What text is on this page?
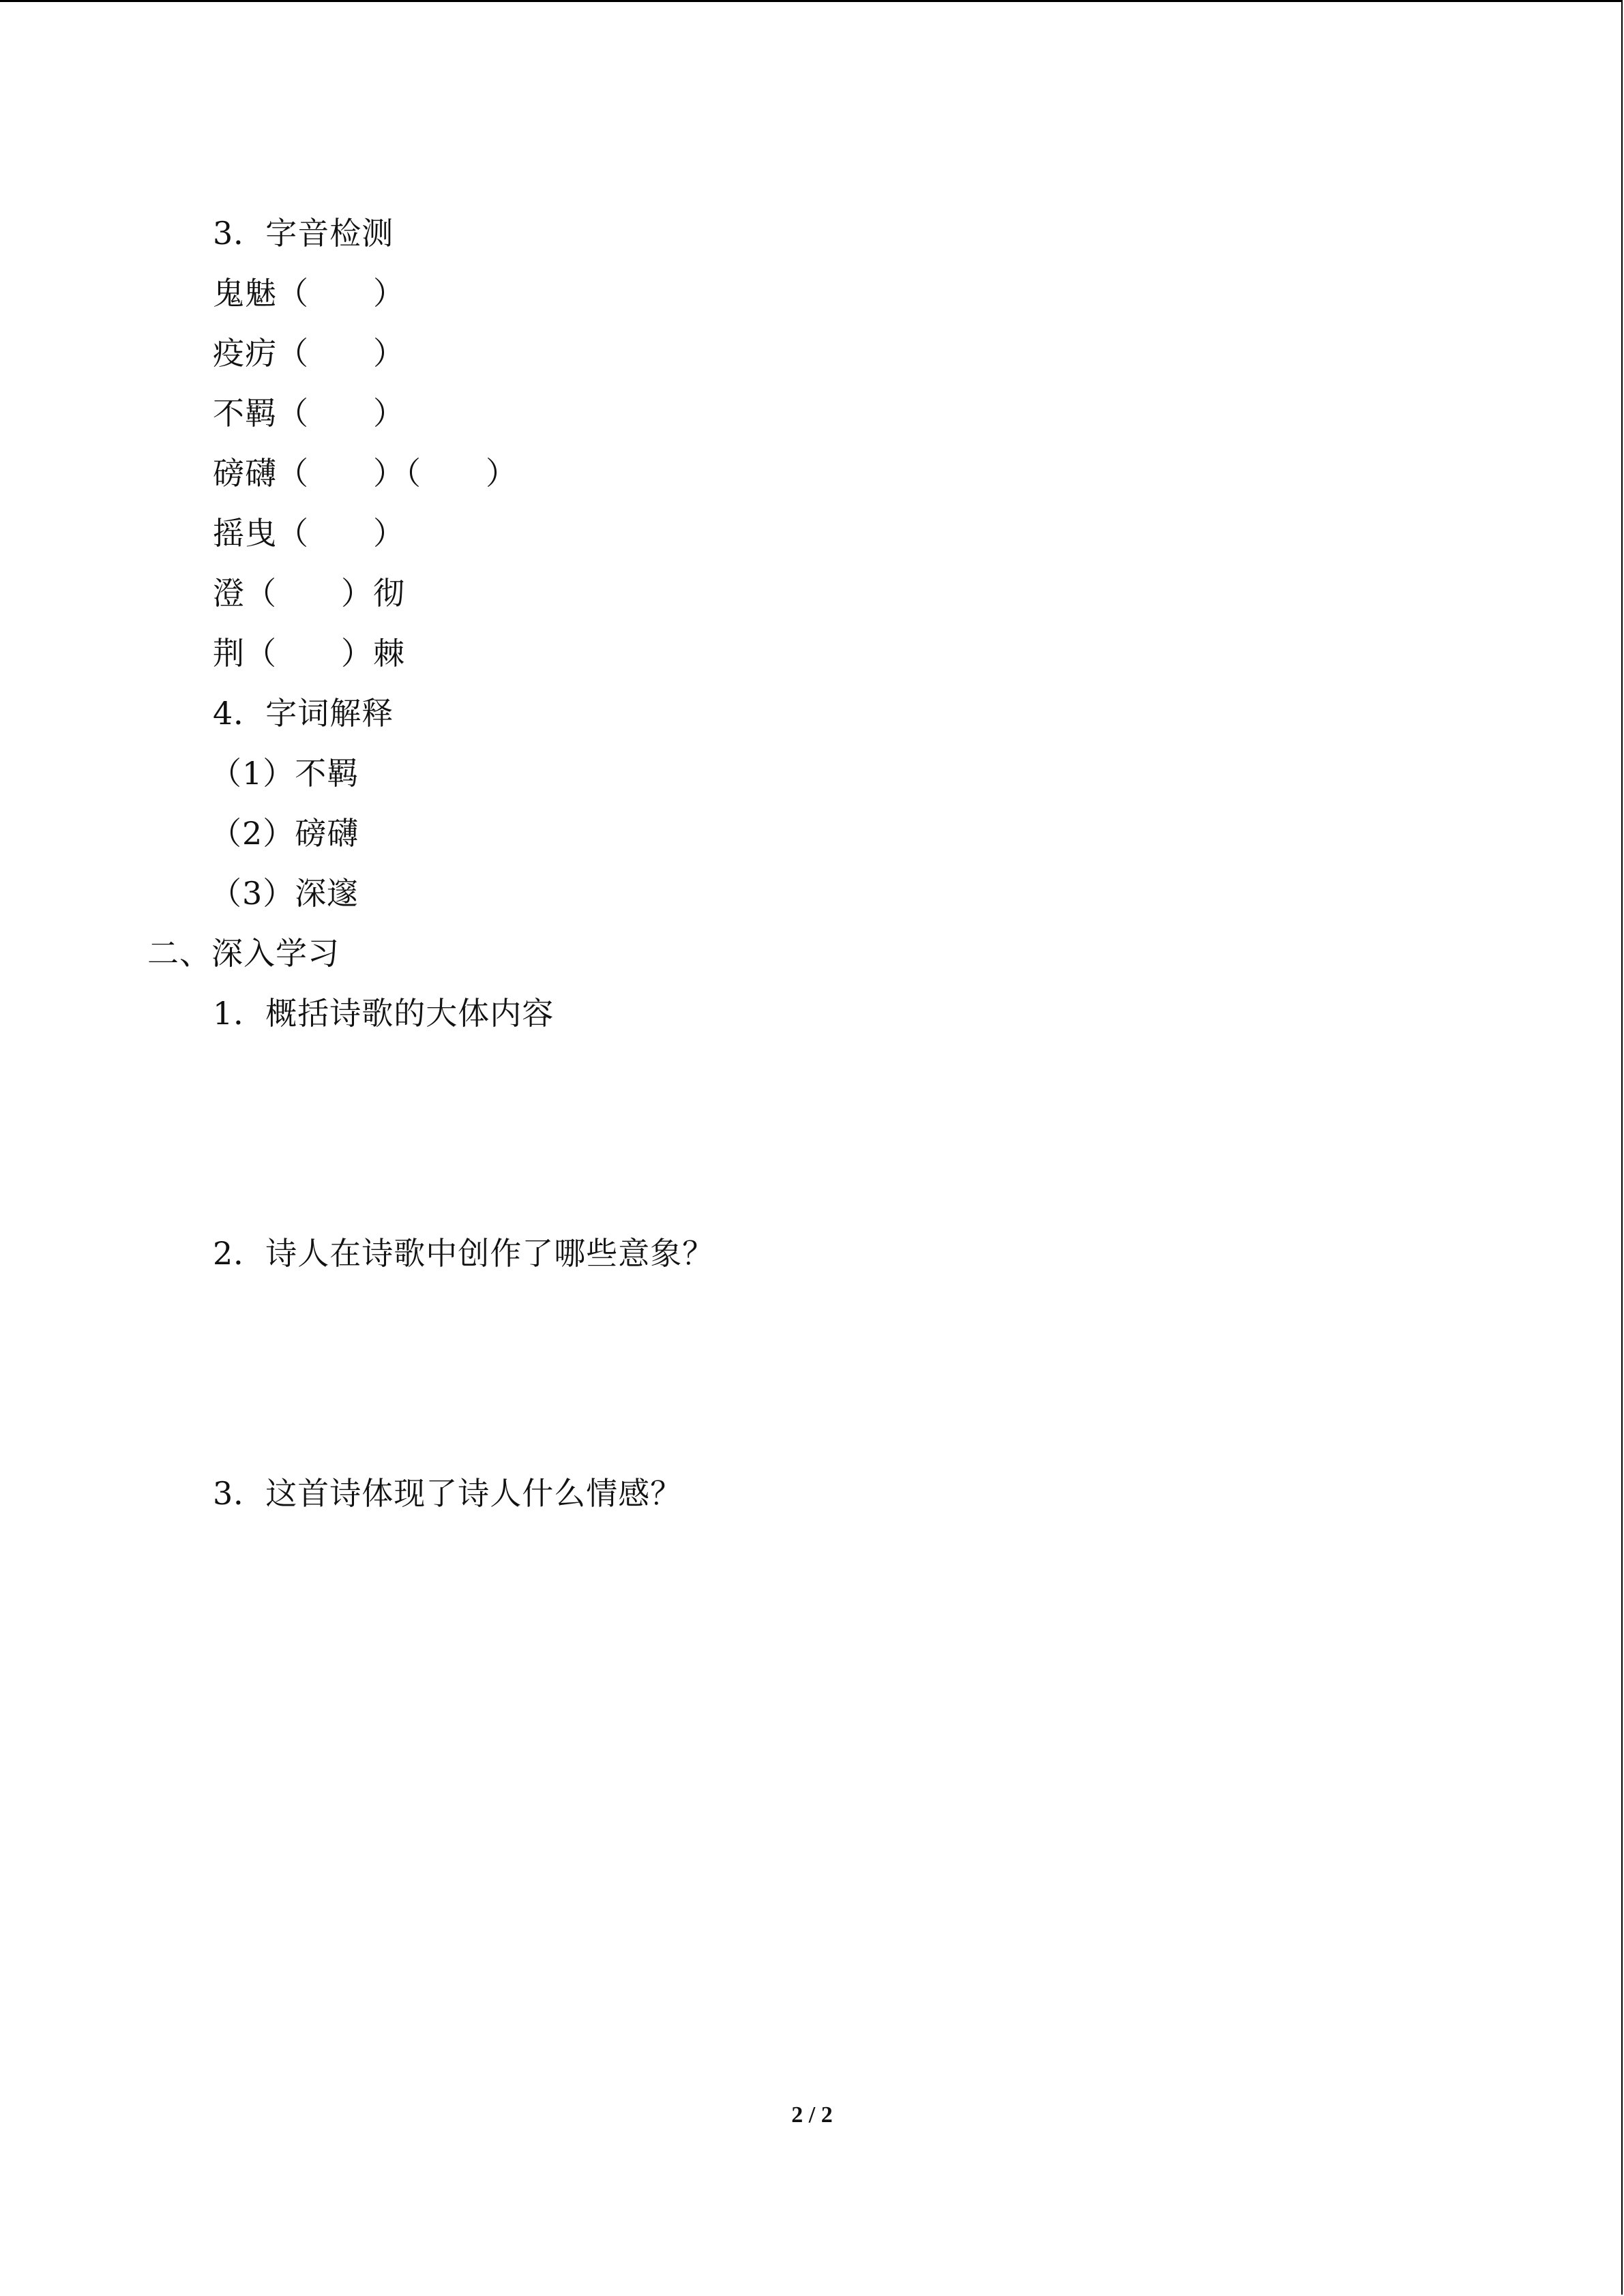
3．字音检测
鬼魅（　　）
疫疠（　　）
不羁（　　）
磅礴（　　）（　　）
摇曳（　　）
澄（　　）彻
荆（　　）棘
4．字词解释
（1）不羁
（2）磅礴
（3）深邃
二、深入学习
1．概括诗歌的大体内容
2．诗人在诗歌中创作了哪些意象？
3．这首诗体现了诗人什么情感？
2 / 2
